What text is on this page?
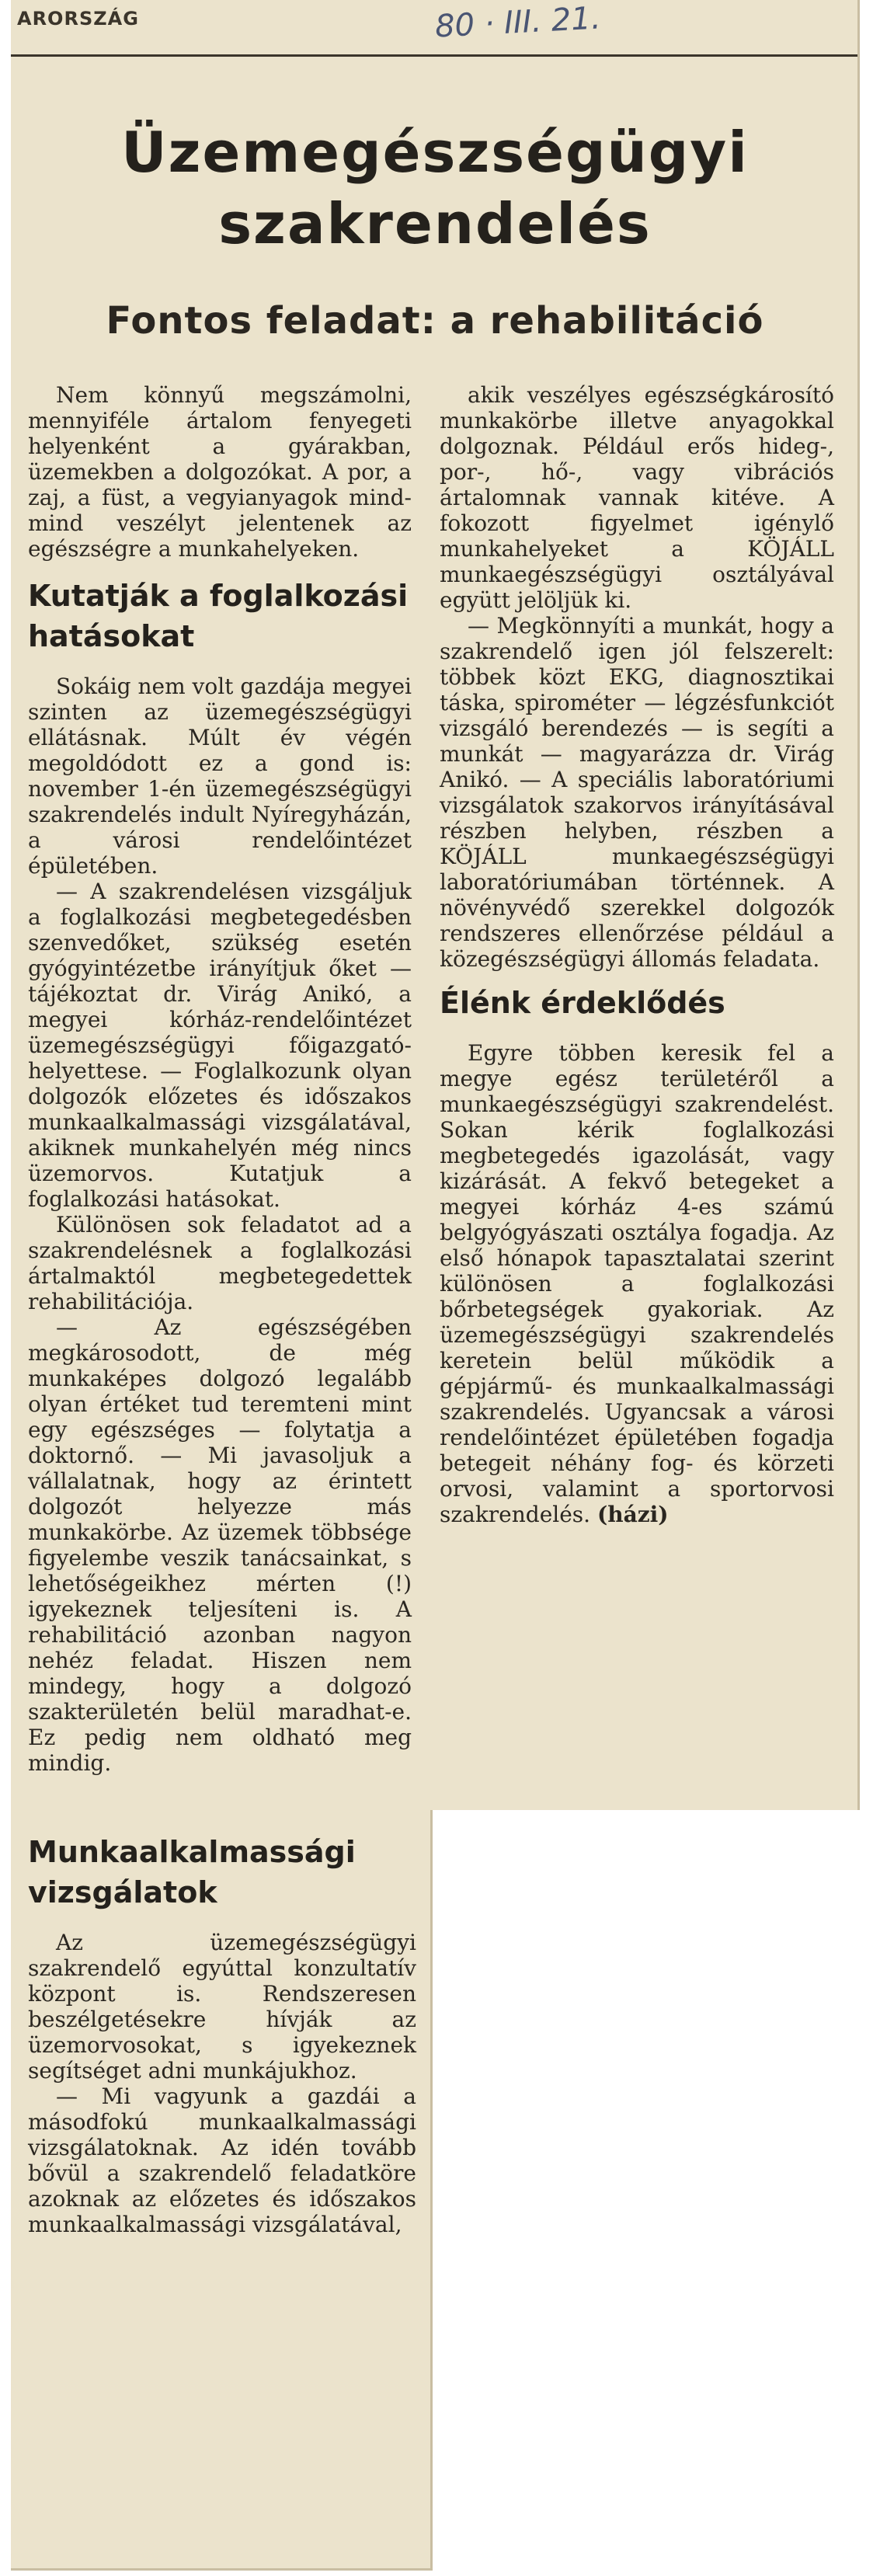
ARORSZÁG	80 · III. 21.
Üzemegészségügyi
szakrendelés
Fontos feladat: a rehabilitáció

Nem könnyű megszámolni, mennyiféle ártalom fenyegeti helyenként a gyárakban, üzemekben a dolgozókat. A por, a zaj, a füst, a vegyianyagok mind-mind veszélyt jelentenek az egészségre a munkahelyeken.

Kutatják a foglalkozási hatásokat

Sokáig nem volt gazdája megyei szinten az üzemegészségügyi ellátásnak. Múlt év végén megoldódott ez a gond is: november 1-én üzemegészségügyi szakrendelés indult Nyíregyházán, a városi rendelőintézet épületében.

— A szakrendelésen vizsgáljuk a foglalkozási megbetegedésben szenvedőket, szükség esetén gyógyintézetbe irányítjuk őket — tájékoztat dr. Virág Anikó, a megyei kórház-rendelőintézet üzemegészségügyi főigazgató-helyettese. — Foglalkozunk olyan dolgozók előzetes és időszakos munkaalkalmassági vizsgálatával, akiknek munkahelyén még nincs üzemorvos. Kutatjuk a foglalkozási hatásokat.

Különösen sok feladatot ad a szakrendelésnek a foglalkozási ártalmaktól megbetegedettek rehabilitációja.

— Az egészségében megkárosodott, de még munkaképes dolgozó legalább olyan értéket tud teremteni mint egy egészséges — folytatja a doktornő. — Mi javasoljuk a vállalatnak, hogy az érintett dolgozót helyezze más munkakörbe. Az üzemek többsége figyelembe veszik tanácsainkat, s lehetőségeikhez mérten (!) igyekeznek teljesíteni is. A rehabilitáció azonban nagyon nehéz feladat. Hiszen nem mindegy, hogy a dolgozó szakterületén belül maradhat-e. Ez pedig nem oldható meg mindig.

Munkaalkalmassági vizsgálatok

Az üzemegészségügyi szakrendelő egyúttal konzultatív központ is. Rendszeresen beszélgetésekre hívják az üzemorvosokat, s igyekeznek segítséget adni munkájukhoz.

— Mi vagyunk a gazdái a másodfokú munkaalkalmassági vizsgálatoknak. Az idén tovább bővül a szakrendelő feladatköre azoknak az előzetes és időszakos munkaalkalmassági vizsgálatával,

akik veszélyes egészségkárosító munkakörbe illetve anyagokkal dolgoznak. Például erős hideg-, por-, hő-, vagy vibrációs ártalomnak vannak kitéve. A fokozott figyelmet igénylő munkahelyeket a KÖJÁLL munkaegészségügyi osztályával együtt jelöljük ki.

— Megkönnyíti a munkát, hogy a szakrendelő igen jól felszerelt: többek közt EKG, diagnosztikai táska, spirométer — légzésfunkciót vizsgáló berendezés — is segíti a munkát — magyarázza dr. Virág Anikó. — A speciális laboratóriumi vizsgálatok szakorvos irányításával részben helyben, részben a KÖJÁLL munkaegészségügyi laboratóriumában történnek. A növényvédő szerekkel dolgozók rendszeres ellenőrzése például a közegészségügyi állomás feladata.

Élénk érdeklődés

Egyre többen keresik fel a megye egész területéről a munkaegészségügyi szakrendelést. Sokan kérik foglalkozási megbetegedés igazolását, vagy kizárását. A fekvő betegeket a megyei kórház 4-es számú belgyógyászati osztálya fogadja. Az első hónapok tapasztalatai szerint különösen a foglalkozási bőrbetegségek gyakoriak. Az üzemegészségügyi szakrendelés keretein belül működik a gépjármű- és munkaalkalmassági szakrendelés. Ugyancsak a városi rendelőintézet épületében fogadja betegeit néhány fog- és körzeti orvosi, valamint a sportorvosi szakrendelés. (házi)
